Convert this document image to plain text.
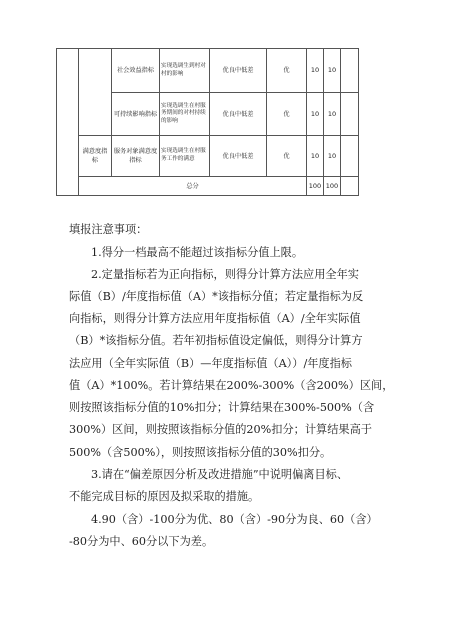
		社会效益指标	实现选调生到村对村的影响	优良中低差	优	10	10	
		可持续影响指标	实现选调生在村服务期间的对村持续的影响	优良中低差	优	10	10	
	满意度指标	服务对象满意度指标	实现选调生在村服务工作的满意	优良中低差	优	10	10	
	总分					100	100	

填报注意事项：

1.得分一档最高不能超过该指标分值上限。

2.定量指标若为正向指标，则得分计算方法应用全年实

际值（B）/年度指标值（A）*该指标分值；若定量指标为反

向指标，则得分计算方法应用年度指标值（A）/全年实际值

（B）*该指标分值。若年初指标值设定偏低，则得分计算方

法应用（全年实际值（B）—年度指标值（A））/年度指标

值（A）*100%。若计算结果在200%-300%（含200%）区间，

则按照该指标分值的10%扣分；计算结果在300%-500%（含

300%）区间，则按照该指标分值的20%扣分；计算结果高于

500%（含500%），则按照该指标分值的30%扣分。

3.请在“偏差原因分析及改进措施”中说明偏离目标、

不能完成目标的原因及拟采取的措施。

4.90（含）-100分为优、80（含）-90分为良、60（含）

-80分为中、60分以下为差。
